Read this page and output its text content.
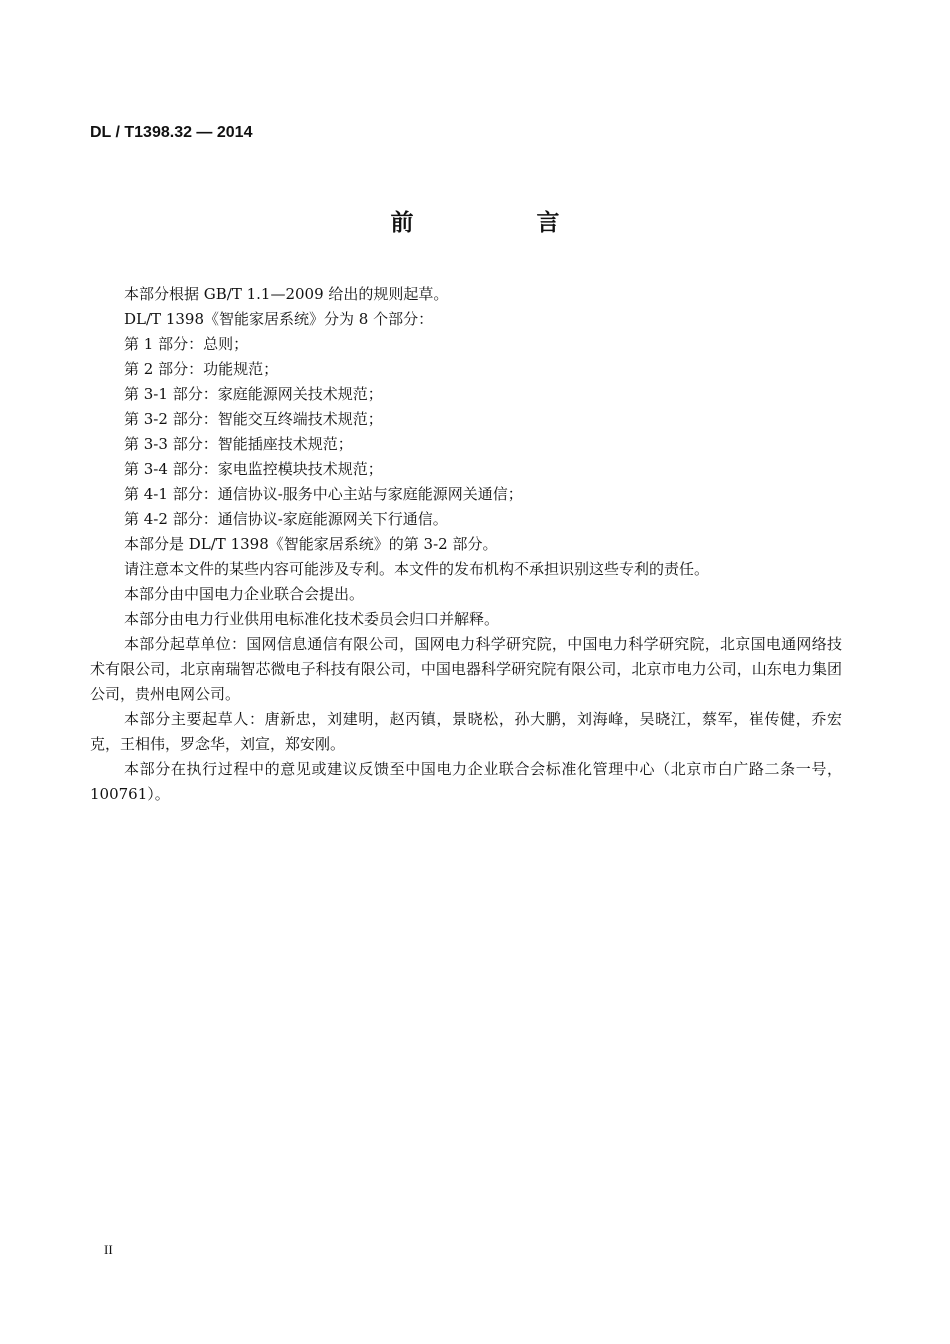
DL / T1398.32 — 2014
前　言

本部分根据 GB/T 1.1—2009 给出的规则起草。

DL/T 1398《智能家居系统》分为 8 个部分：

第 1 部分：总则；

第 2 部分：功能规范；

第 3-1 部分：家庭能源网关技术规范；

第 3-2 部分：智能交互终端技术规范；

第 3-3 部分：智能插座技术规范；

第 3-4 部分：家电监控模块技术规范；

第 4-1 部分：通信协议-服务中心主站与家庭能源网关通信；

第 4-2 部分：通信协议-家庭能源网关下行通信。

本部分是 DL/T 1398《智能家居系统》的第 3-2 部分。

请注意本文件的某些内容可能涉及专利。本文件的发布机构不承担识别这些专利的责任。

本部分由中国电力企业联合会提出。

本部分由电力行业供用电标准化技术委员会归口并解释。

本部分起草单位：国网信息通信有限公司，国网电力科学研究院，中国电力科学研究院，北京国电通网络技术有限公司，北京南瑞智芯微电子科技有限公司，中国电器科学研究院有限公司，北京市电力公司，山东电力集团公司，贵州电网公司。

本部分主要起草人：唐新忠，刘建明，赵丙镇，景晓松，孙大鹏，刘海峰，吴晓江，蔡军，崔传健，乔宏克，王相伟，罗念华，刘宣，郑安刚。

本部分在执行过程中的意见或建议反馈至中国电力企业联合会标准化管理中心（北京市白广路二条一号，100761）。

II
